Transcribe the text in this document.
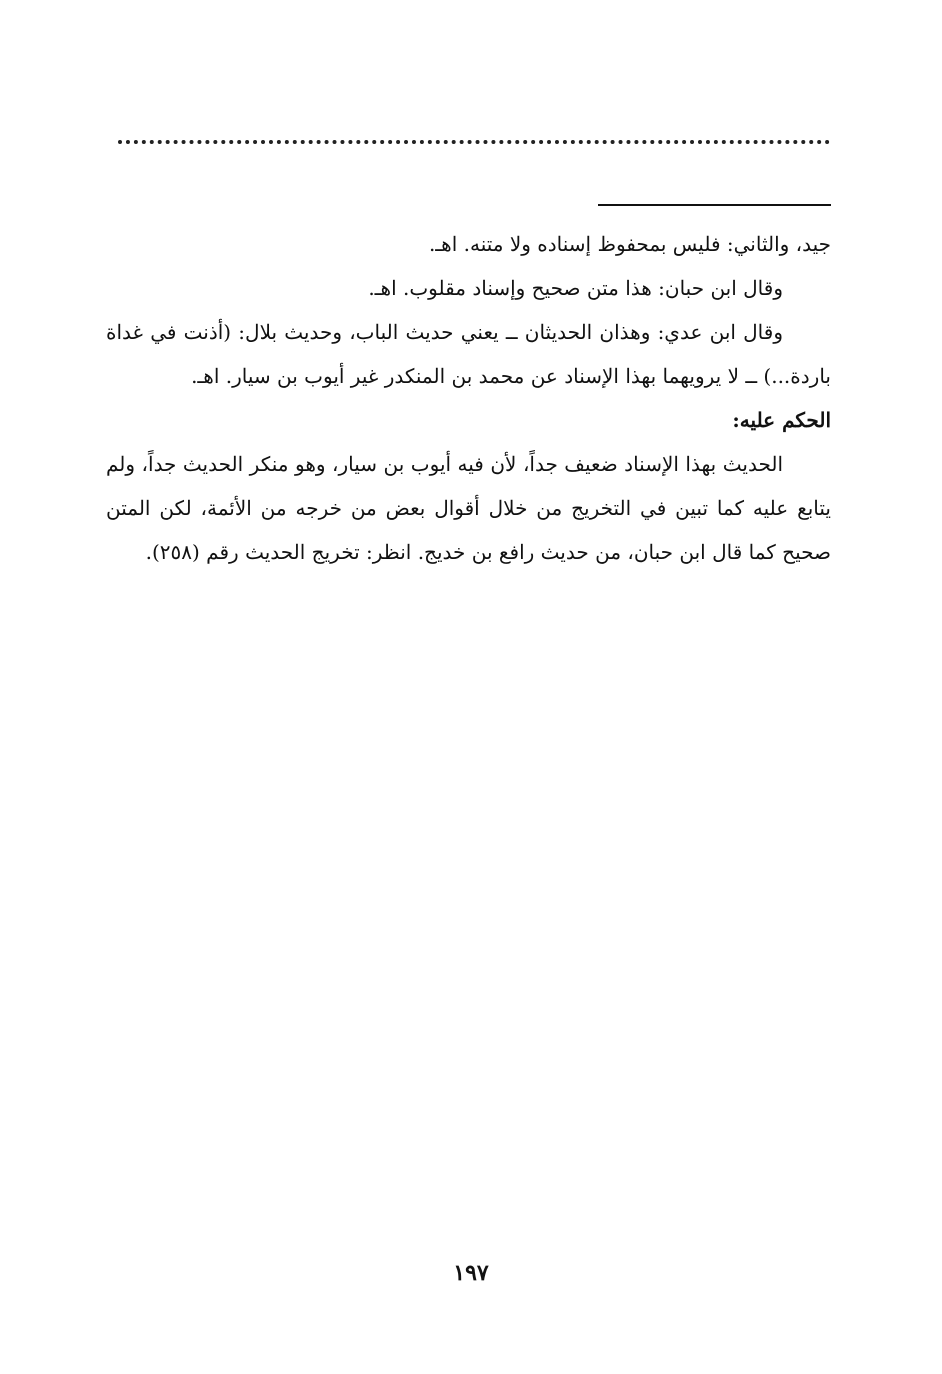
جيد، والثاني: فليس بمحفوظ إسناده ولا متنه. اهـ.

وقال ابن حبان: هذا متن صحيح وإسناد مقلوب. اهـ.

وقال ابن عدي: وهذان الحديثان ــ يعني حديث الباب، وحديث بلال: (أذنت في غداة باردة...) ــ لا يرويهما بهذا الإسناد عن محمد بن المنكدر غير أيوب بن سيار. اهـ.

الحكم عليه:

الحديث بهذا الإسناد ضعيف جداً، لأن فيه أيوب بن سيار، وهو منكر الحديث جداً، ولم يتابع عليه كما تبين في التخريج من خلال أقوال بعض من خرجه من الأئمة، لكن المتن صحيح كما قال ابن حبان، من حديث رافع بن خديج. انظر: تخريج الحديث رقم (٢٥٨).

١٩٧
